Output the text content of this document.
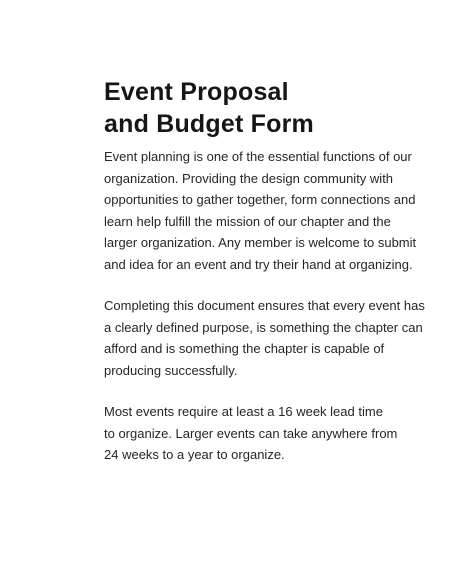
Event Proposal
and Budget Form

Event planning is one of the essential functions of our
organization. Providing the design community with
opportunities to gather together, form connections and
learn help fulfill the mission of our chapter and the
larger organization. Any member is welcome to submit
and idea for an event and try their hand at organizing.

Completing this document ensures that every event has
a clearly defined purpose, is something the chapter can
afford and is something the chapter is capable of
producing successfully.

Most events require at least a 16 week lead time
to organize. Larger events can take anywhere from
24 weeks to a year to organize.
